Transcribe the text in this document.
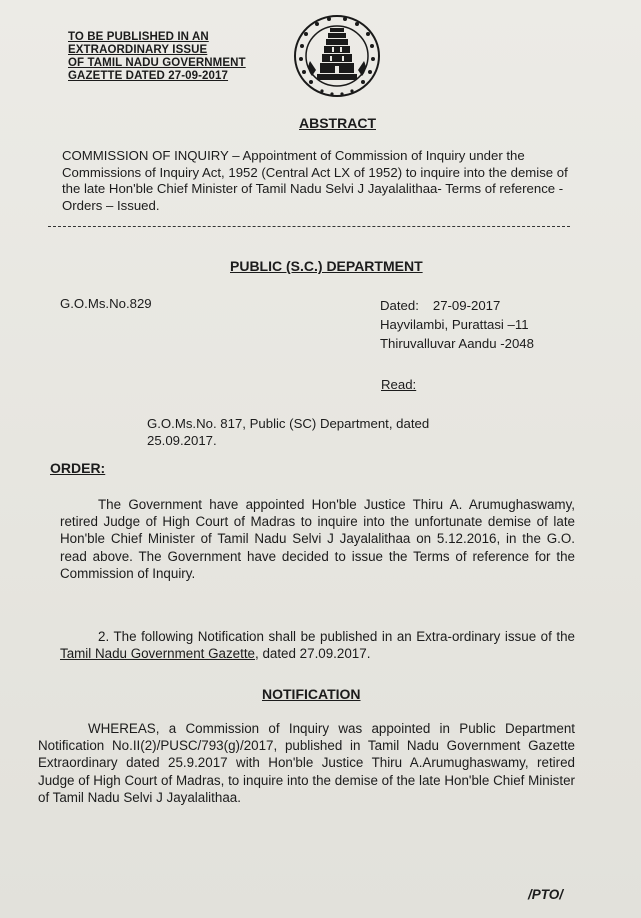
TO BE PUBLISHED IN AN
EXTRAORDINARY ISSUE
OF TAMIL NADU GOVERNMENT
GAZETTE DATED 27-09-2017
ABSTRACT
COMMISSION OF INQUIRY – Appointment of Commission of Inquiry under the Commissions of Inquiry Act, 1952 (Central Act LX of 1952) to inquire into the demise of the late Hon'ble Chief Minister of Tamil Nadu Selvi J Jayalalithaa- Terms of reference - Orders – Issued.
PUBLIC (S.C.) DEPARTMENT
G.O.Ms.No.829	Dated: 27-09-2017
Hayvilambi, Purattasi –11
Thiruvalluvar Aandu -2048
Read:
G.O.Ms.No. 817, Public (SC) Department, dated 25.09.2017.
ORDER:
The Government have appointed Hon'ble Justice Thiru A. Arumughaswamy, retired Judge of High Court of Madras to inquire into the unfortunate demise of late Hon'ble Chief Minister of Tamil Nadu Selvi J Jayalalithaa on 5.12.2016, in the G.O. read above. The Government have decided to issue the Terms of reference for the Commission of Inquiry.
2. The following Notification shall be published in an Extra-ordinary issue of the Tamil Nadu Government Gazette, dated 27.09.2017.
NOTIFICATION
WHEREAS, a Commission of Inquiry was appointed in Public Department Notification No.II(2)/PUSC/793(g)/2017, published in Tamil Nadu Government Gazette Extraordinary dated 25.9.2017 with Hon'ble Justice Thiru A.Arumughaswamy, retired Judge of High Court of Madras, to inquire into the demise of the late Hon'ble Chief Minister of Tamil Nadu Selvi J Jayalalithaa.
/PTO/
